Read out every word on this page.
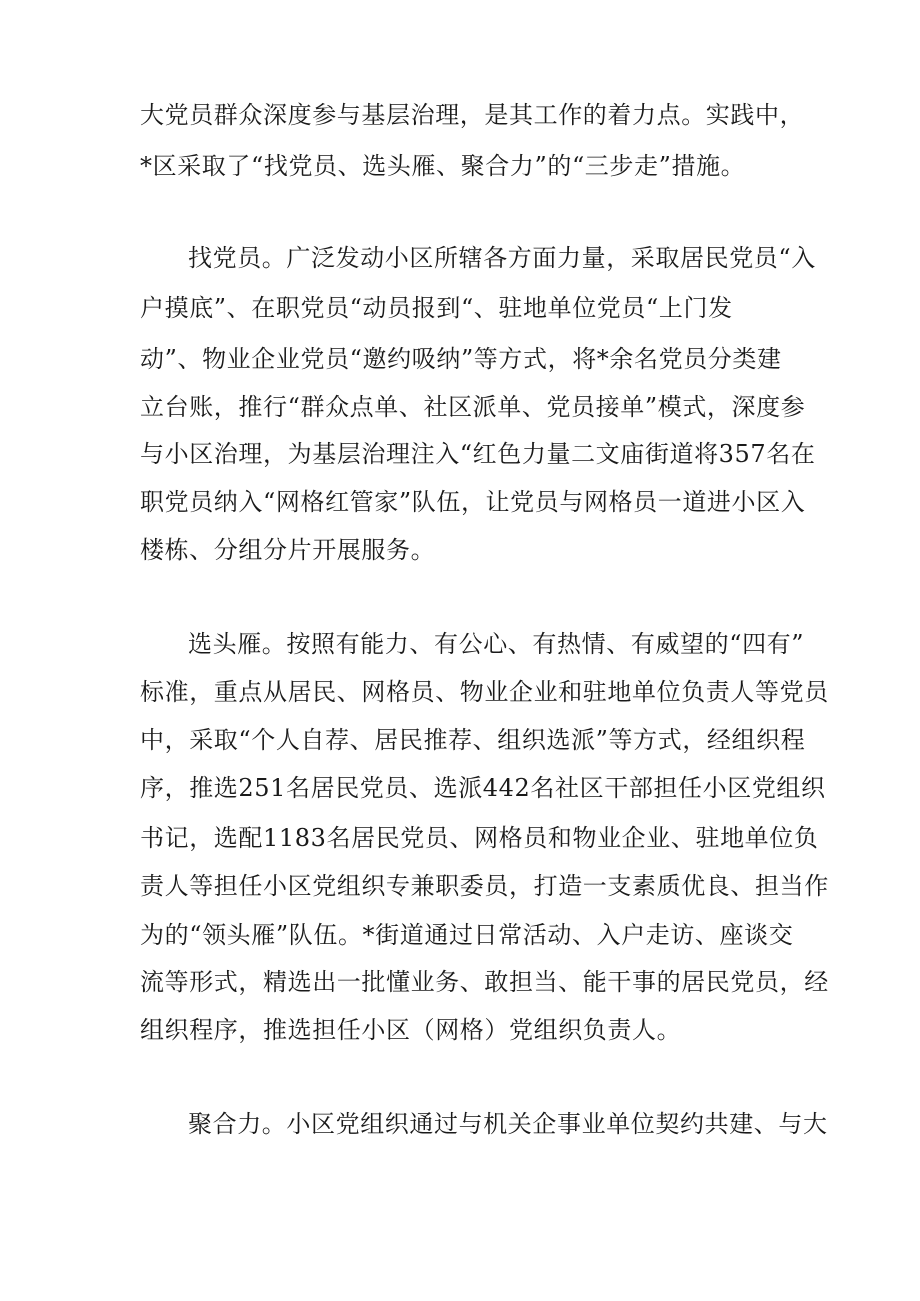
大党员群众深度参与基层治理，是其工作的着力点。实践中，
*区采取了“找党员、选头雁、聚合力”的“三步走”措施。
找党员。广泛发动小区所辖各方面力量，采取居民党员“入
户摸底”、在职党员“动员报到“、驻地单位党员“上门发
动”、物业企业党员“邀约吸纳”等方式，将*余名党员分类建
立台账，推行“群众点单、社区派单、党员接单”模式，深度参
与小区治理，为基层治理注入“红色力量二文庙街道将357名在
职党员纳入“网格红管家”队伍，让党员与网格员一道进小区入
楼栋、分组分片开展服务。
选头雁。按照有能力、有公心、有热情、有威望的“四有”
标准，重点从居民、网格员、物业企业和驻地单位负责人等党员
中，采取“个人自荐、居民推荐、组织选派”等方式，经组织程
序，推选251名居民党员、选派442名社区干部担任小区党组织
书记，选配1183名居民党员、网格员和物业企业、驻地单位负
责人等担任小区党组织专兼职委员，打造一支素质优良、担当作
为的“领头雁”队伍。*街道通过日常活动、入户走访、座谈交
流等形式，精选出一批懂业务、敢担当、能干事的居民党员，经
组织程序，推选担任小区（网格）党组织负责人。
聚合力。小区党组织通过与机关企事业单位契约共建、与大
